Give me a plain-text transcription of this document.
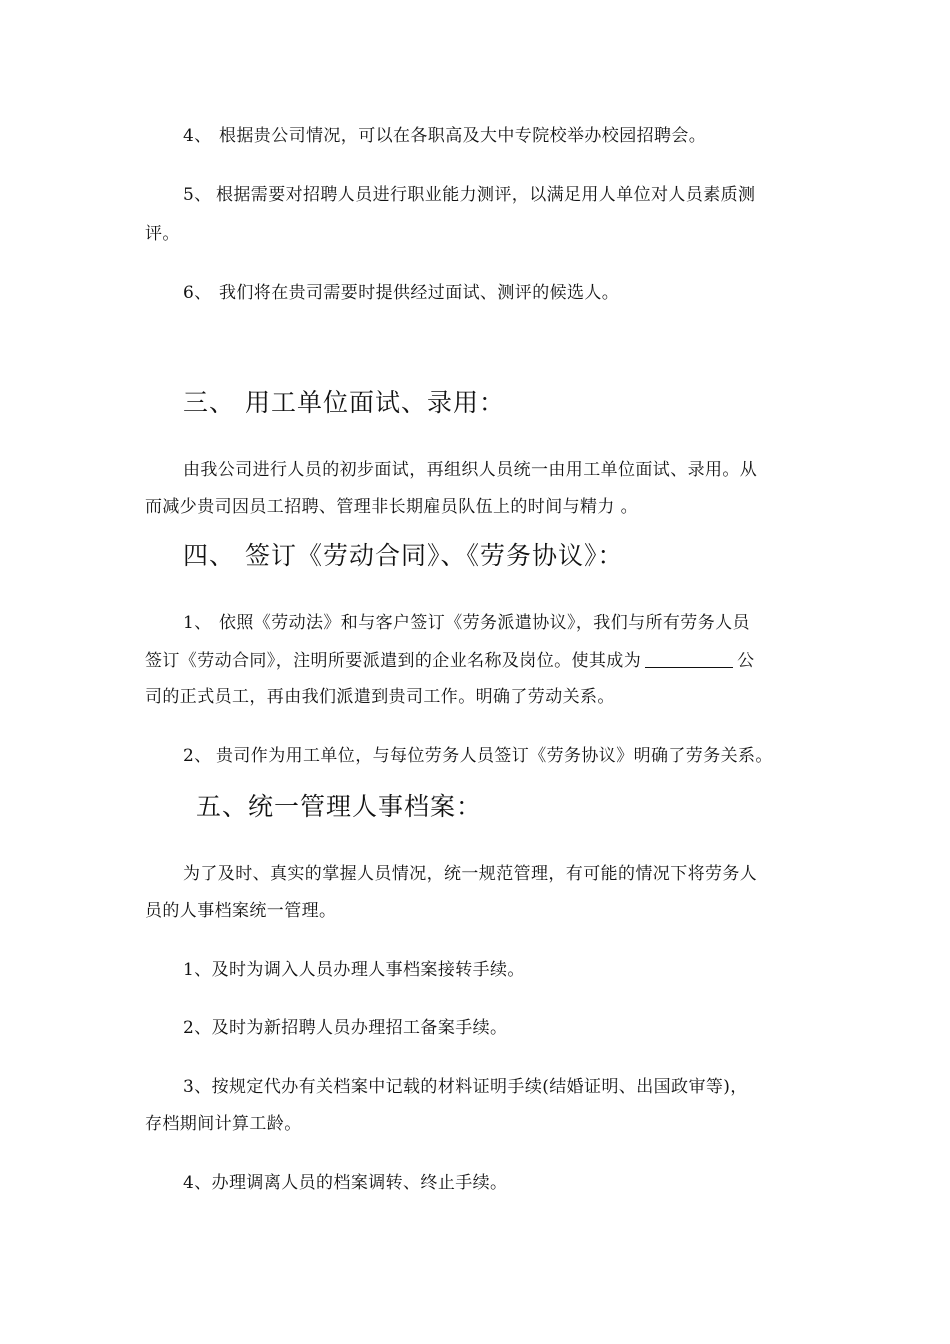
4、 根据贵公司情况，可以在各职高及大中专院校举办校园招聘会。
5、 根据需要对招聘人员进行职业能力测评，以满足用人单位对人员素质测
评。
6、 我们将在贵司需要时提供经过面试、测评的候选人。
三、 用工单位面试、录用：
由我公司进行人员的初步面试，再组织人员统一由用工单位面试、录用。从
而减少贵司因员工招聘、管理非长期雇员队伍上的时间与精力 。
四、 签订《劳动合同》、《劳务协议》：
1、 依照《劳动法》和与客户签订《劳务派遣协议》，我们与所有劳务人员
签订《劳动合同》，注明所要派遣到的企业名称及岗位。使其成为	公
司的正式员工，再由我们派遣到贵司工作。明确了劳动关系。
2、 贵司作为用工单位，与每位劳务人员签订《劳务协议》明确了劳务关系。
五、统一管理人事档案：
为了及时、真实的掌握人员情况，统一规范管理，有可能的情况下将劳务人
员的人事档案统一管理。
1、及时为调入人员办理人事档案接转手续。
2、及时为新招聘人员办理招工备案手续。
3、按规定代办有关档案中记载的材料证明手续(结婚证明、出国政审等)，
存档期间计算工龄。
4、办理调离人员的档案调转、终止手续。
